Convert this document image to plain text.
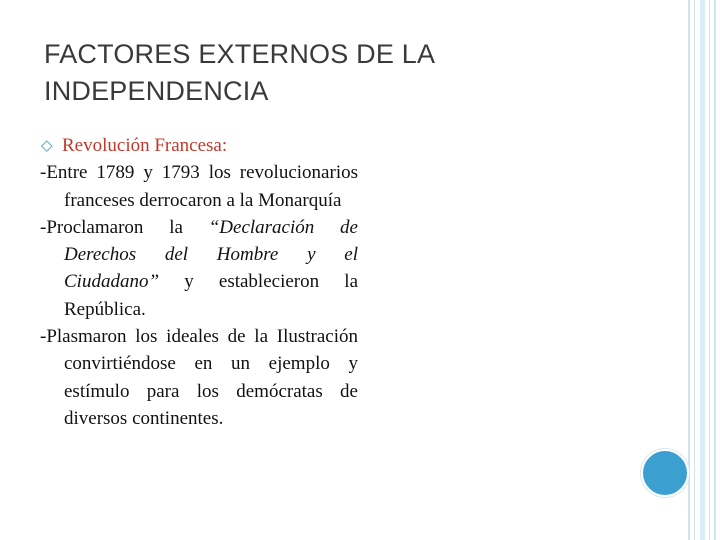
FACTORES EXTERNOS DE LA
INDEPENDENCIA
◇ Revolución Francesa:
-Entre 1789 y 1793 los revolucionarios franceses derrocaron a la Monarquía
-Proclamaron la “Declaración de Derechos del Hombre y el Ciudadano” y establecieron la República.
-Plasmaron los ideales de la Ilustración convirtiéndose en un ejemplo y estímulo para los demócratas de diversos continentes.
